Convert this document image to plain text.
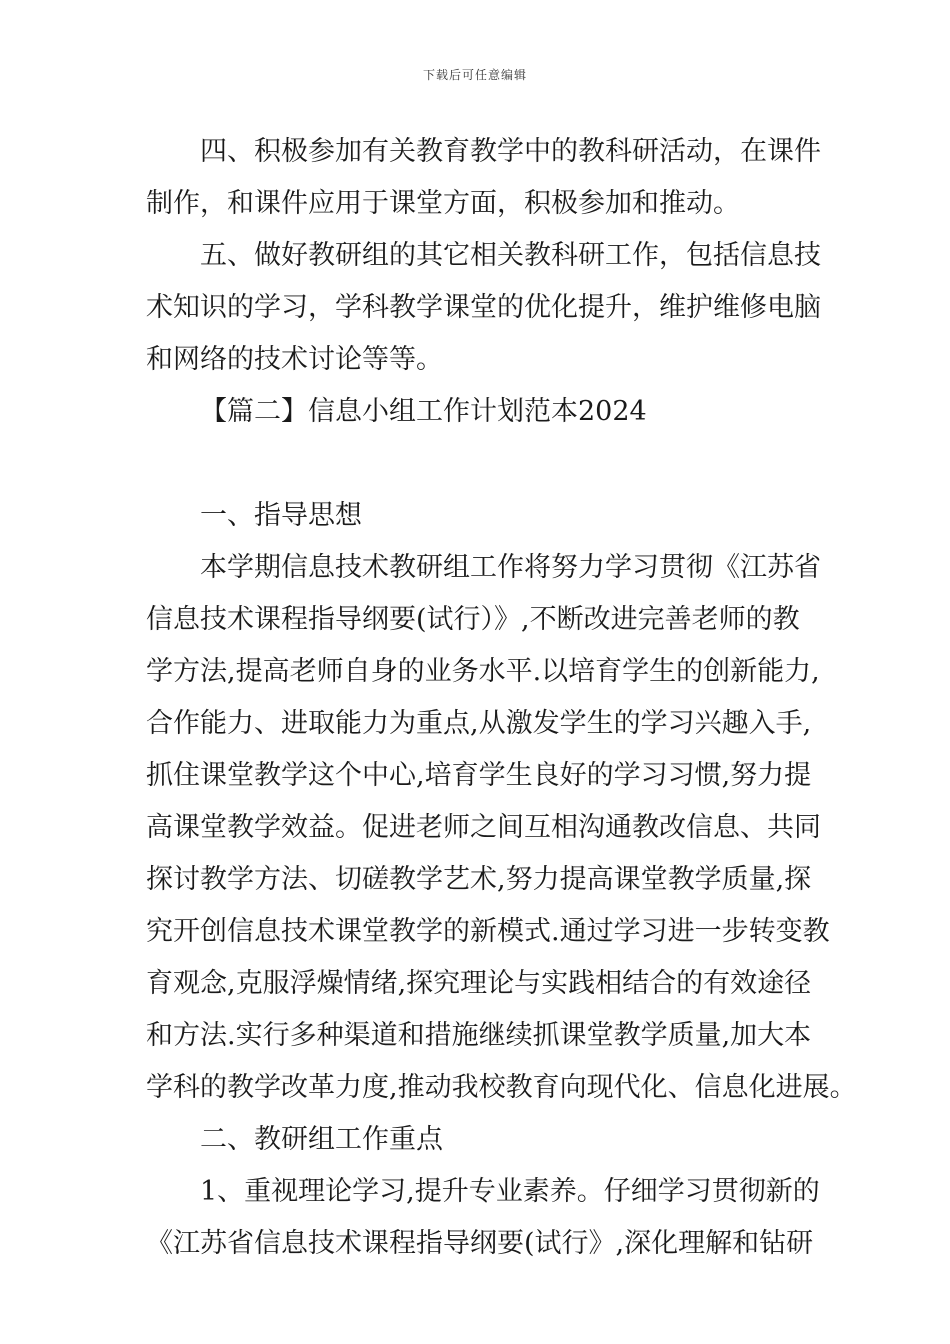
下载后可任意编辑
四、积极参加有关教育教学中的教科研活动，在课件
制作，和课件应用于课堂方面，积极参加和推动。
五、做好教研组的其它相关教科研工作，包括信息技
术知识的学习，学科教学课堂的优化提升，维护维修电脑
和网络的技术讨论等等。
【篇二】信息小组工作计划范本2024
一、指导思想
本学期信息技术教研组工作将努力学习贯彻《江苏省
信息技术课程指导纲要(试行）》,不断改进完善老师的教
学方法,提高老师自身的业务水平.以培育学生的创新能力,
合作能力、进取能力为重点,从激发学生的学习兴趣入手,
抓住课堂教学这个中心,培育学生良好的学习习惯,努力提
高课堂教学效益。促进老师之间互相沟通教改信息、共同
探讨教学方法、切磋教学艺术,努力提高课堂教学质量,探
究开创信息技术课堂教学的新模式.通过学习进一步转变教
育观念,克服浮燥情绪,探究理论与实践相结合的有效途径
和方法.实行多种渠道和措施继续抓课堂教学质量,加大本
学科的教学改革力度,推动我校教育向现代化、信息化进展。
二、教研组工作重点
1、重视理论学习,提升专业素养。仔细学习贯彻新的
《江苏省信息技术课程指导纲要(试行》,深化理解和钻研
